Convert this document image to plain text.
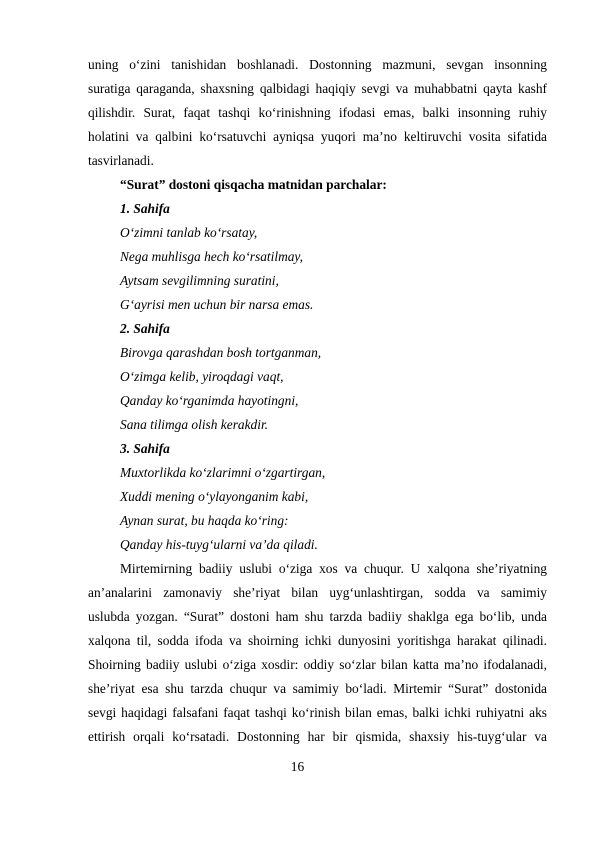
uning o‘zini tanishidan boshlanadi. Dostonning mazmuni, sevgan insonning
suratiga qaraganda, shaxsning qalbidagi haqiqiy sevgi va muhabbatni qayta kashf
qilishdir. Surat, faqat tashqi ko‘rinishning ifodasi emas, balki insonning ruhiy
holatini va qalbini ko‘rsatuvchi ayniqsa yuqori ma’no keltiruvchi vosita sifatida
tasvirlanadi.
“Surat” dostoni qisqacha matnidan parchalar:
1. Sahifa
O‘zimni tanlab ko‘rsatay,
Nega muhlisga hech ko‘rsatilmay,
Aytsam sevgilimning suratini,
G‘ayrisi men uchun bir narsa emas.
2. Sahifa
Birovga qarashdan bosh tortganman,
O‘zimga kelib, yiroqdagi vaqt,
Qanday ko‘rganimda hayotingni,
Sana tilimga olish kerakdir.
3. Sahifa
Muxtorlikda ko‘zlarimni o‘zgartirgan,
Xuddi mening o‘ylayonganim kabi,
Aynan surat, bu haqda ko‘ring:
Qanday his-tuyg‘ularni va’da qiladi.
Mirtemirning badiiy uslubi o‘ziga xos va chuqur. U xalqona she’riyatning
an’analarini zamonaviy she’riyat bilan uyg‘unlashtirgan, sodda va samimiy
uslubda yozgan. “Surat” dostoni ham shu tarzda badiiy shaklga ega bo‘lib, unda
xalqona til, sodda ifoda va shoirning ichki dunyosini yoritishga harakat qilinadi.
Shoirning badiiy uslubi o‘ziga xosdir: oddiy so‘zlar bilan katta ma’no ifodalanadi,
she’riyat esa shu tarzda chuqur va samimiy bo‘ladi. Mirtemir “Surat” dostonida
sevgi haqidagi falsafani faqat tashqi ko‘rinish bilan emas, balki ichki ruhiyatni aks
ettirish orqali ko‘rsatadi. Dostonning har bir qismida, shaxsiy his-tuyg‘ular va
16
